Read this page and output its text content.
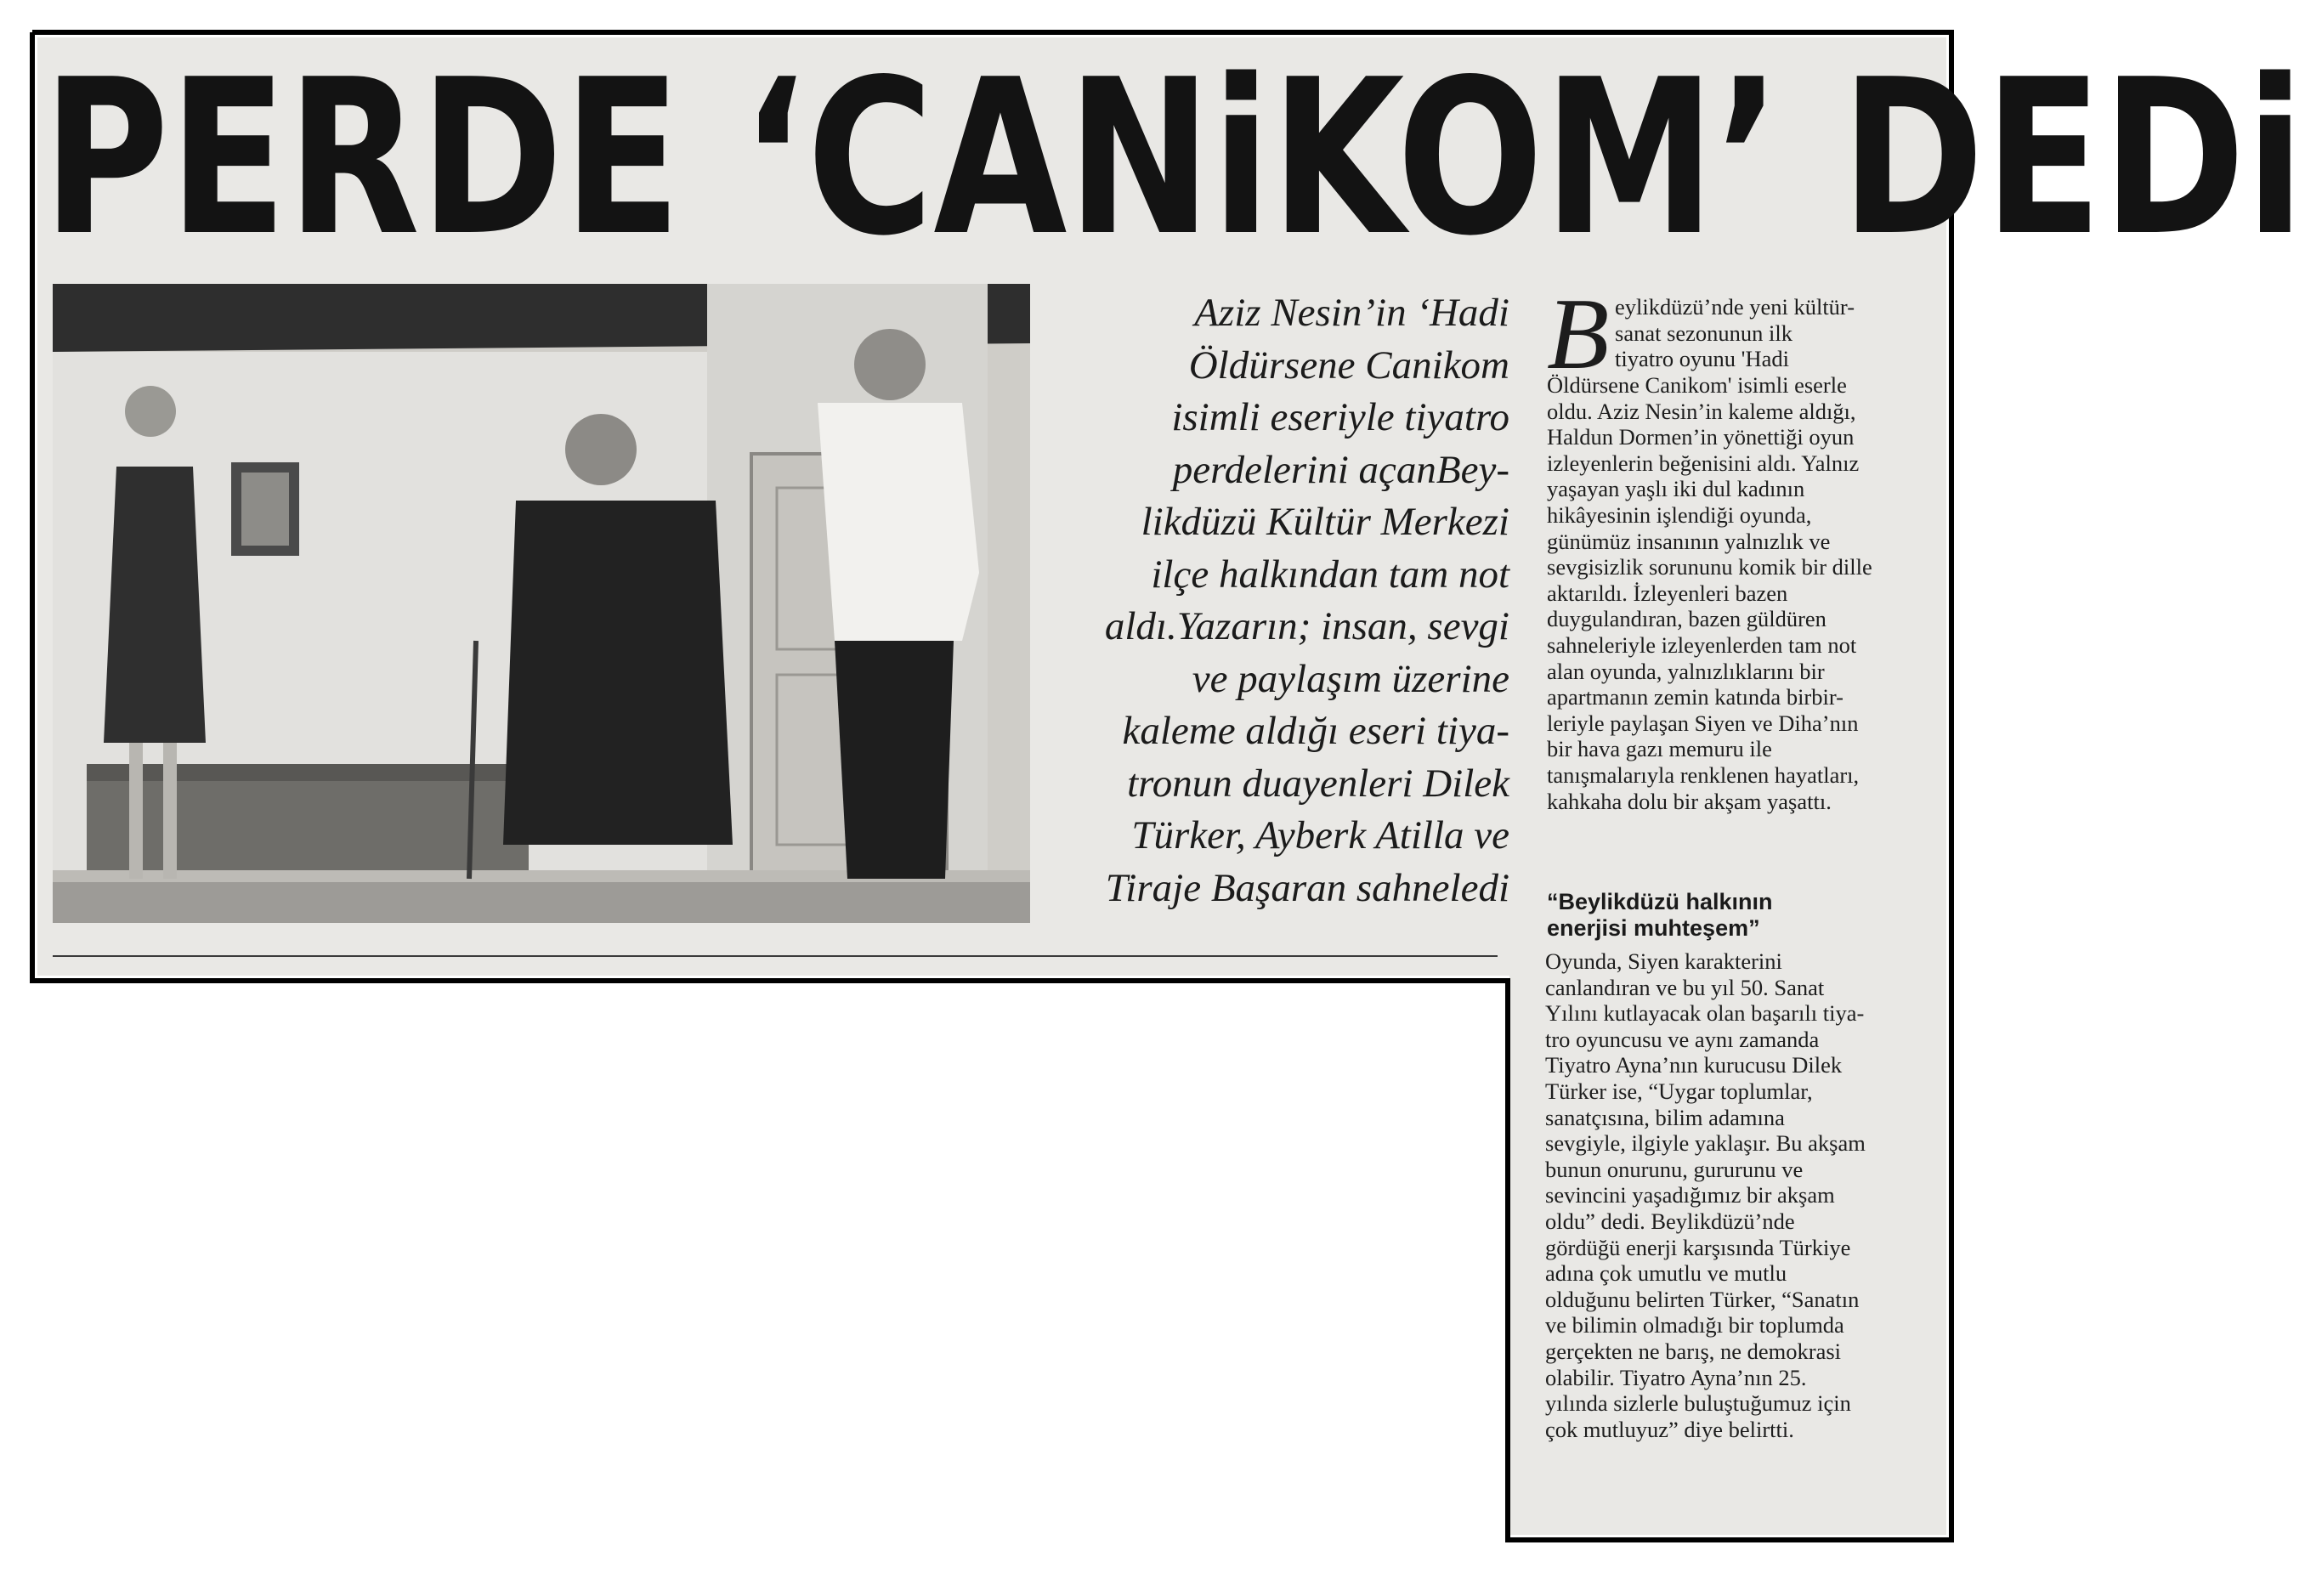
PERDE ‘CANiKOM’ DEDi
Aziz Nesin’in ‘Hadi
Öldürsene Canikom
isimli eseriyle tiyatro
perdelerini açanBey-
likdüzü Kültür Merkezi
ilçe halkından tam not
aldı.Yazarın; insan, sevgi
ve paylaşım üzerine
kaleme aldığı eseri tiya-
tronun duayenleri Dilek
Türker, Ayberk Atilla ve
Tiraje Başaran sahneledi
B eylikdüzü’nde yeni kültür-
sanat sezonunun ilk
tiyatro oyunu 'Hadi
Öldürsene Canikom' isimli eserle
oldu. Aziz Nesin’in kaleme aldığı,
Haldun Dormen’in yönettiği oyun
izleyenlerin beğenisini aldı. Yalnız
yaşayan yaşlı iki dul kadının
hikâyesinin işlendiği oyunda,
günümüz insanının yalnızlık ve
sevgisizlik sorununu komik bir dille
aktarıldı. İzleyenleri bazen
duygulandıran, bazen güldüren
sahneleriyle izleyenlerden tam not
alan oyunda, yalnızlıklarını bir
apartmanın zemin katında birbir-
leriyle paylaşan Siyen ve Diha’nın
bir hava gazı memuru ile
tanışmalarıyla renklenen hayatları,
kahkaha dolu bir akşam yaşattı.
“Beylikdüzü halkının
enerjisi muhteşem”
Oyunda, Siyen karakterini
canlandıran ve bu yıl 50. Sanat
Yılını kutlayacak olan başarılı tiya-
tro oyuncusu ve aynı zamanda
Tiyatro Ayna’nın kurucusu Dilek
Türker ise, “Uygar toplumlar,
sanatçısına, bilim adamına
sevgiyle, ilgiyle yaklaşır. Bu akşam
bunun onurunu, gururunu ve
sevincini yaşadığımız bir akşam
oldu” dedi. Beylikdüzü’nde
gördüğü enerji karşısında Türkiye
adına çok umutlu ve mutlu
olduğunu belirten Türker, “Sanatın
ve bilimin olmadığı bir toplumda
gerçekten ne barış, ne demokrasi
olabilir. Tiyatro Ayna’nın 25.
yılında sizlerle buluştuğumuz için
çok mutluyuz” diye belirtti.
